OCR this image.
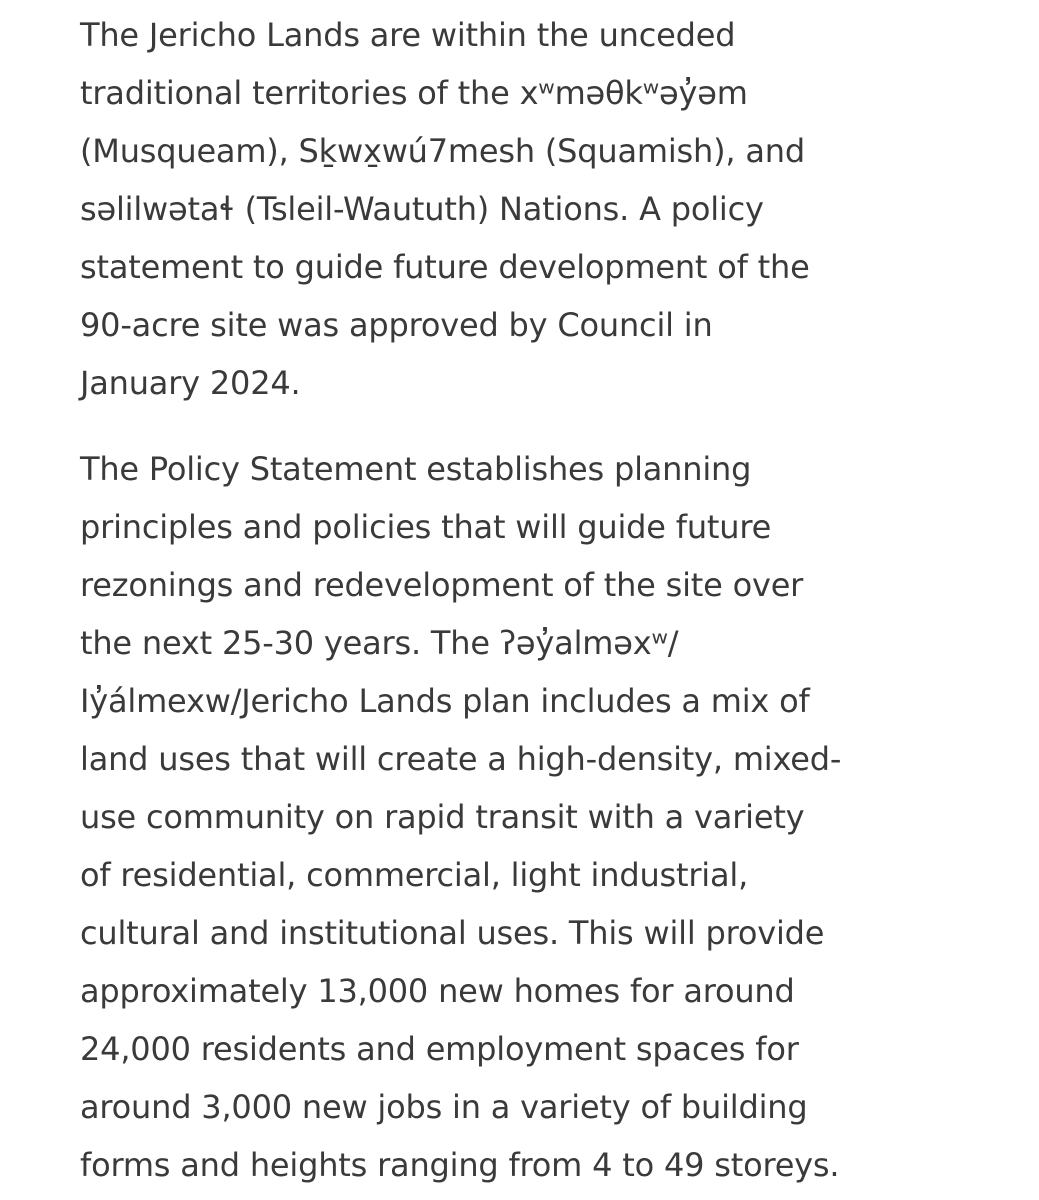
The Jericho Lands are within the unceded
traditional territories of the xʷməθkʷəy̓əm
(Musqueam), Sḵwx̱wú7mesh (Squamish), and
səlilwətaɬ (Tsleil-Waututh) Nations. A policy
statement to guide future development of the
90-acre site was approved by Council in
January 2024.

The Policy Statement establishes planning
principles and policies that will guide future
rezonings and redevelopment of the site over
the next 25-30 years. The ʔəy̓alməxʷ/
Iy̓álmexw/Jericho Lands plan includes a mix of
land uses that will create a high-density, mixed-
use community on rapid transit with a variety
of residential, commercial, light industrial,
cultural and institutional uses. This will provide
approximately 13,000 new homes for around
24,000 residents and employment spaces for
around 3,000 new jobs in a variety of building
forms and heights ranging from 4 to 49 storeys.
